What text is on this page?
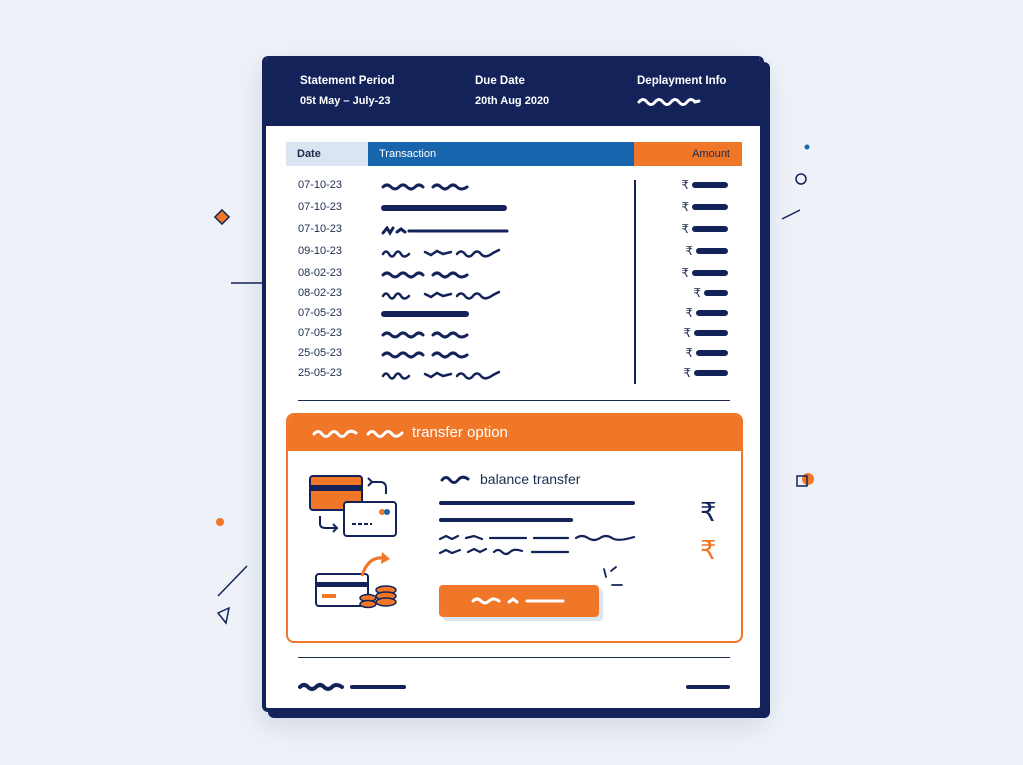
Statement Period
05t May – July-23
Due Date
20th Aug 2020
Deplayment Info
Date	Transaction	Amount
07-10-23	₹
07-10-23	₹
07-10-23	₹
09-10-23	₹
08-02-23	₹
08-02-23	₹
07-05-23	₹
07-05-23	₹
25-05-23	₹
25-05-23	₹
transfer option
balance transfer
₹
₹
